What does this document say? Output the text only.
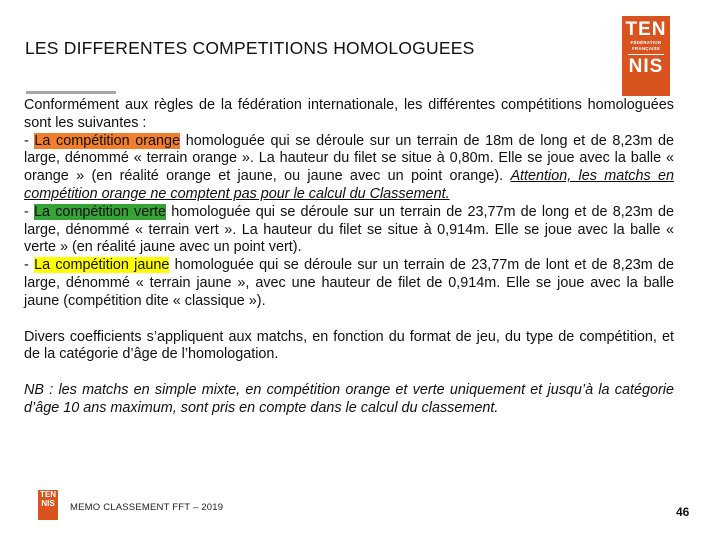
LES DIFFERENTES COMPETITIONS HOMOLOGUEES
TEN
FÉDÉRATION
FRANÇAISE
NIS

Conformément aux règles de la fédération internationale, les différentes compétitions homologuées sont les suivantes :
- La compétition orange homologuée qui se déroule sur un terrain de 18m de long et de 8,23m de large, dénommé « terrain orange ». La hauteur du filet se situe à 0,80m. Elle se joue avec la balle « orange » (en réalité orange et jaune, ou jaune avec un point orange). Attention, les matchs en compétition orange ne comptent pas pour le calcul du Classement.
- La compétition verte homologuée qui se déroule sur un terrain de 23,77m de long et de 8,23m de large, dénommé « terrain vert ». La hauteur du filet se situe à 0,914m. Elle se joue avec la balle « verte » (en réalité jaune avec un point vert).
- La compétition jaune homologuée qui se déroule sur un terrain de 23,77m de lont et de 8,23m de large, dénommé « terrain jaune », avec une hauteur de filet de 0,914m. Elle se joue avec la balle jaune (compétition dite « classique »).

Divers coefficients s’appliquent aux matchs, en fonction du format de jeu, du type de compétition, et de la catégorie d’âge de l’homologation.

NB : les matchs en simple mixte, en compétition orange et verte uniquement et jusqu’à la catégorie d’âge 10 ans maximum, sont pris en compte dans le calcul du classement.

TEN
NIS	MEMO CLASSEMENT FFT – 2019	46
